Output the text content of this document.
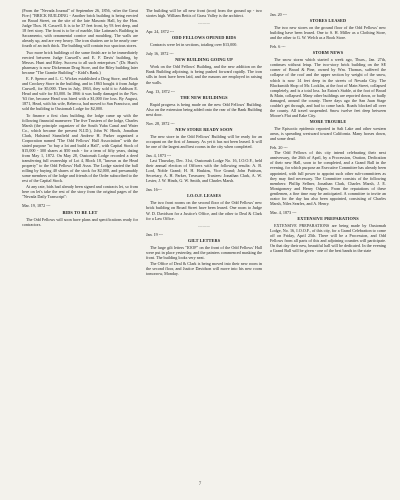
(From the "Nevada Journal" of September 26, 1856, -after the Great Fire:) "BRICK BUILDING - Another brick building is being erected on Broad Street, on the site of the late Masonic Hall, by the Hon. Judge Thos. H. Caswell. It is to be 37 feet front, by 93 feet deep, and 18 feet story. The front is to be of marble, like Lattman's Building in Sacramento, with ornamental cornice and moulding. The walls are already up, and are very heavy. The iron shutters are to be nearly one-fourth of an inch thick. The building will contain two spacious stores.

Two more brick buildings of the same finish are to be immediately erected between Judge Caswell's and E. F. Davis' building, by Messrs. Hunt and Riley. Success to all such enterprises." (Dr. Hunt's pharmacy is now Dickerman Drug Store, and the Riley building later became "The Granite Building" - Kidd's Bank.)

E. F. Spence and L. C. Wickes established a Drug Store, and Book and Crockery Store in the building, and in 1863 bought it from Judge Caswell, for $5,000. Then in July, 1863, they sold it to Addison E. Head and wife for $3,000. In 1866 it was badly damaged in the Nov. '63 fire, because Head was hired with a $1,000 fire loss. By August, 1871, Head, with his wife, Rebecca, had moved to San Francisco, and sold the building to Oustomah Lodge for $2,000.

To finance a first class building, the lodge came up with the following financial maneuver: The five Trustees of the lodge, Charles Marsh (the principle organizer of the South Yuba Canal and Water Co., which became the present N.I.D.), John W. Hinds, Jonathan Clark, Halstead Stansfield and Andrew H. Parker organized a Corporation named "The Odd Fellows' Hall Association" with the stated purpose "to buy a lot and build a Hall", with Capital Stock of $15,000 - 300 shares at $50 each - for a term of fifty years, dating from May 1, 1872. On May 28, Oustomah Lodge recorded a deed transferring full ownership of Lot 4, Block 18, "known as the Head property" to the Odd Fellows' Hall Assn. The Lodge started the ball rolling by buying 40 shares of the stock for $2,000, and presumably some members of the lodge and friends of the Order subscribed to the rest of the Capital Stock.

At any rate, bids had already been signed and contracts let, so from here on let's take the rest of the story from the original pages of the "Nevada Daily Transcript":

Mar. 19, 1872 ---
BIDS TO BE LET

The Odd Fellows will soon have plans and specifications ready for contractors.

The building will be all new front (iron) from the ground up - two stories high. William Bettis of Grass Valley is the architect.

...........
Apr. 24, 1872 ---
ODD FELLOWS OPENED BIDS

Contracts were let in sections, totaling over $13,000.

July 16, 1872 ---
NEW BUILDING GOING UP

Work on the Odd Fellows' Building, and the new addition on the Bank Building adjoining, is being pushed forward rapidly. The iron sills in front have been laid, and the masons are employed in raising the walls.

Aug. 13, 1872 ---
THE NEW BUILDINGS

Rapid progress is being made on the new Odd Fellows' Building. Also on the extension being added onto the rear of the Bank Building next door.

Nov. 28, 1872 ---
NEW STORE READY SOON

The new store in the Odd Fellows' Building will be ready for an occupant on the first of January. As yet it has not been leased. It will be one of the largest and best rooms in the city when completed.

Jan. 4, 1873 ---

Last Thursday, Dec. 31st, Oustomah Lodge No. 16, I.O.O.F., held their annual election of Officers with the following results: A. B. Lord, Noble Grand; H. H. Haskins, Vice Grand; John Pattison, Secretary, A. H. Parker, Treasurer; Trustees: Jonathan Clark, A. W. Lester, J. W. Hinds, G. W. Smith, and Charles Marsh.

Jan. 16---
I.O.O.F. LEASES

The two front rooms on the second floor of the Odd Fellows' new brick building on Broad Street have been leased. One room to Judge W. D. Davidson for a Justice's Office, and the other to Deal & Clark for a Law Office.

...........
Jan. 19 ---
GILT LETTERS

The large gilt letters "IOOF" on the front of the Odd Fellows' Hall were put in place yesterday, and the painters commenced masking the front. The building looks very neat.

The Office of Deal & Clark is being moved into their new room in the second floor, and Justice Davidson will move into his new room tomorrow, Monday.

Jan. 20 ---
STORES LEASED

The two new stores on the ground floor of the Odd Fellows' new building have been leased. One to S. H. Miller as a Clothing Store, and the other to G. W. Welch as a Book Store.

Feb. 6 ---
STORM NEWS

The snow storm which started a week ago, Thurs., Jan. 27th, continues without letup. The two-story brick building on the SE corner of Broad & Pine, owned by Wm. Thomas, suffered the collapse of the roof and the upper section by weight of the snow, which is now 14 feet deep in the streets of Nevada City. The Blacksmith Shop of Mr. Locklin, at the foot of Main Street, collapsed completely, and is a total loss. Ira Eaton's Stable, at the foot of Broad & Main, collapsed. Many other buildings are reported down, or badly damaged, around the county. Three days ago the San Juan Stage couldn't get through, and had to come back. Roads blocked all over the county. All travel suspended. Snow twelve feet deep between Moore's Flat and Eake City.

MORE TROUBLE

The Episcotic epidemic reported in Salt Lake and other western areas, is spreading westward toward California. Many horses down, and some dead.

Feb. 20 ---

The Odd Fellows of this city intend celebrating their next anniversary, the 26th of April, by a Procession, Oration, Dedication of their new Hall, soon to be completed, and a Grand Ball in the evening, for which purpose an Executive Committee has already been appointed, with full power to appoint such other sub-committees as they may find necessary. The Committee consists of the following members: Phillip Sellner, Jonathan Clark, Charles Marsh, J. E. Montgomery and Henry Odgers. From the reputations of these gentlemen, a fine time may be anticipated. A committee to invite an orator for the day has also been appointed, consisting of Charles Marsh, Niles Searles, and A. Henry.

Mar. 4, 1873 ---
EXTENSIVE PREPARATIONS

EXTENSIVE PREPARATIONS are being made by Oustomah Lodge, No. 16, I.O.O.F., of this city, for a Grand Celebration to come off on Friday, April 25th. There will be a Procession, and Odd Fellows from all parts of this and adjoining counties will participate. On that day their new, beautiful hall will be dedicated. In the evening a Grand Ball will be given - one of the best bands in the state

7
